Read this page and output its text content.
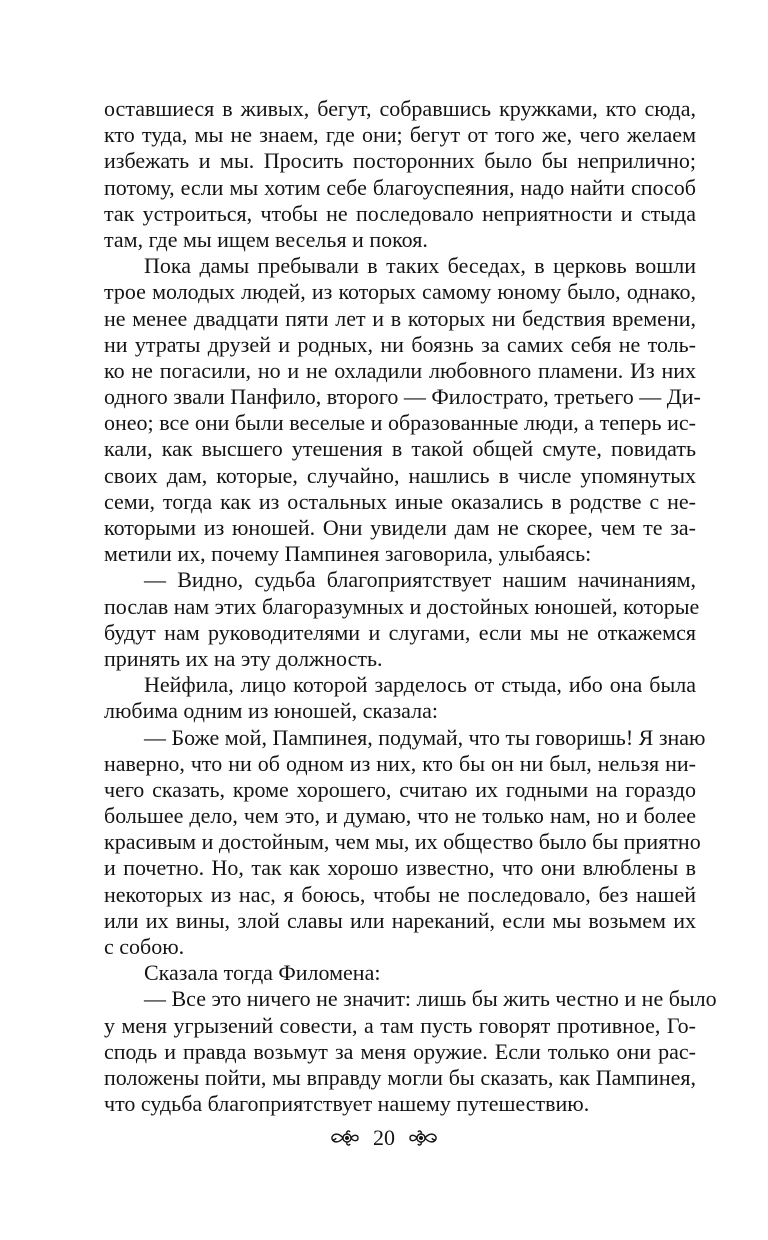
оставшиеся в живых, бегут, собравшись кружками, кто сюда,
кто туда, мы не знаем, где они; бегут от того же, чего желаем
избежать и мы. Просить посторонних было бы неприлично;
потому, если мы хотим себе благоуспеяния, надо найти способ
так устроиться, чтобы не последовало неприятности и стыда
там, где мы ищем веселья и покоя.
Пока дамы пребывали в таких беседах, в церковь вошли
трое молодых людей, из которых самому юному было, однако,
не менее двадцати пяти лет и в которых ни бедствия времени,
ни утраты друзей и родных, ни боязнь за самих себя не толь-
ко не погасили, но и не охладили любовного пламени. Из них
одного звали Панфило, второго — Филострато, третьего — Ди-
онео; все они были веселые и образованные люди, а теперь ис-
кали, как высшего утешения в такой общей смуте, повидать
своих дам, которые, случайно, нашлись в числе упомянутых
семи, тогда как из остальных иные оказались в родстве с не-
которыми из юношей. Они увидели дам не скорее, чем те за-
метили их, почему Пампинея заговорила, улыбаясь:
— Видно, судьба благоприятствует нашим начинаниям,
послав нам этих благоразумных и достойных юношей, которые
будут нам руководителями и слугами, если мы не откажемся
принять их на эту должность.
Нейфила, лицо которой зарделось от стыда, ибо она была
любима одним из юношей, сказала:
— Боже мой, Пампинея, подумай, что ты говоришь! Я знаю
наверно, что ни об одном из них, кто бы он ни был, нельзя ни-
чего сказать, кроме хорошего, считаю их годными на гораздо
большее дело, чем это, и думаю, что не только нам, но и более
красивым и достойным, чем мы, их общество было бы приятно
и почетно. Но, так как хорошо известно, что они влюблены в
некоторых из нас, я боюсь, чтобы не последовало, без нашей
или их вины, злой славы или нареканий, если мы возьмем их
с собою.
Сказала тогда Филомена:
— Все это ничего не значит: лишь бы жить честно и не было
у меня угрызений совести, а там пусть говорят противное, Го-
сподь и правда возьмут за меня оружие. Если только они рас-
положены пойти, мы вправду могли бы сказать, как Пампинея,
что судьба благоприятствует нашему путешествию.
20
